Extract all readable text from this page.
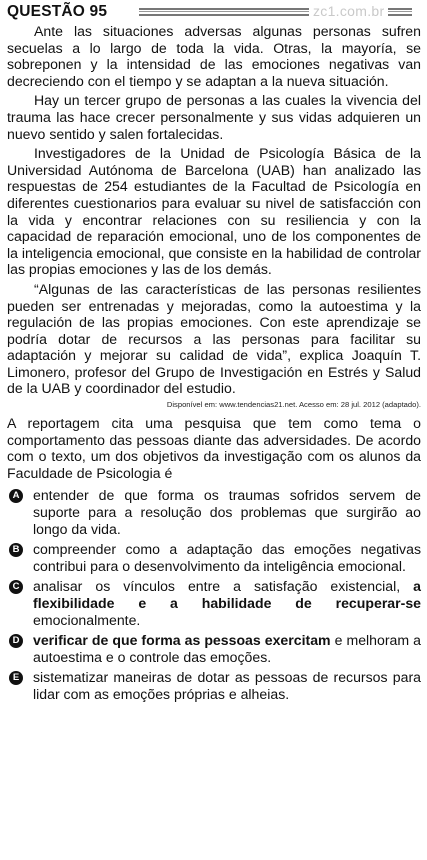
QUESTÃO 95	zc1.com.br

Ante las situaciones adversas algunas personas sufren secuelas a lo largo de toda la vida. Otras, la mayoría, se sobreponen y la intensidad de las emociones negativas van decreciendo con el tiempo y se adaptan a la nueva situación.

Hay un tercer grupo de personas a las cuales la vivencia del trauma las hace crecer personalmente y sus vidas adquieren un nuevo sentido y salen fortalecidas.

Investigadores de la Unidad de Psicología Básica de la Universidad Autónoma de Barcelona (UAB) han analizado las respuestas de 254 estudiantes de la Facultad de Psicología en diferentes cuestionarios para evaluar su nivel de satisfacción con la vida y encontrar relaciones con su resiliencia y con la capacidad de reparación emocional, uno de los componentes de la inteligencia emocional, que consiste en la habilidad de controlar las propias emociones y las de los demás.

“Algunas de las características de las personas resilientes pueden ser entrenadas y mejoradas, como la autoestima y la regulación de las propias emociones. Con este aprendizaje se podría dotar de recursos a las personas para facilitar su adaptación y mejorar su calidad de vida”, explica Joaquín T. Limonero, profesor del Grupo de Investigación en Estrés y Salud de la UAB y coordinador del estudio.

Disponível em: www.tendencias21.net. Acesso em: 28 jul. 2012 (adaptado).
A reportagem cita uma pesquisa que tem como tema o comportamento das pessoas diante das adversidades. De acordo com o texto, um dos objetivos da investigação com os alunos da Faculdade de Psicologia é
A entender de que forma os traumas sofridos servem de suporte para a resolução dos problemas que surgirão ao longo da vida.
B compreender como a adaptação das emoções negativas contribui para o desenvolvimento da inteligência emocional.
C analisar os vínculos entre a satisfação existencial, a flexibilidade e a habilidade de recuperar-se emocionalmente.
D verificar de que forma as pessoas exercitam e melhoram a autoestima e o controle das emoções.
E sistematizar maneiras de dotar as pessoas de recursos para lidar com as emoções próprias e alheias.
